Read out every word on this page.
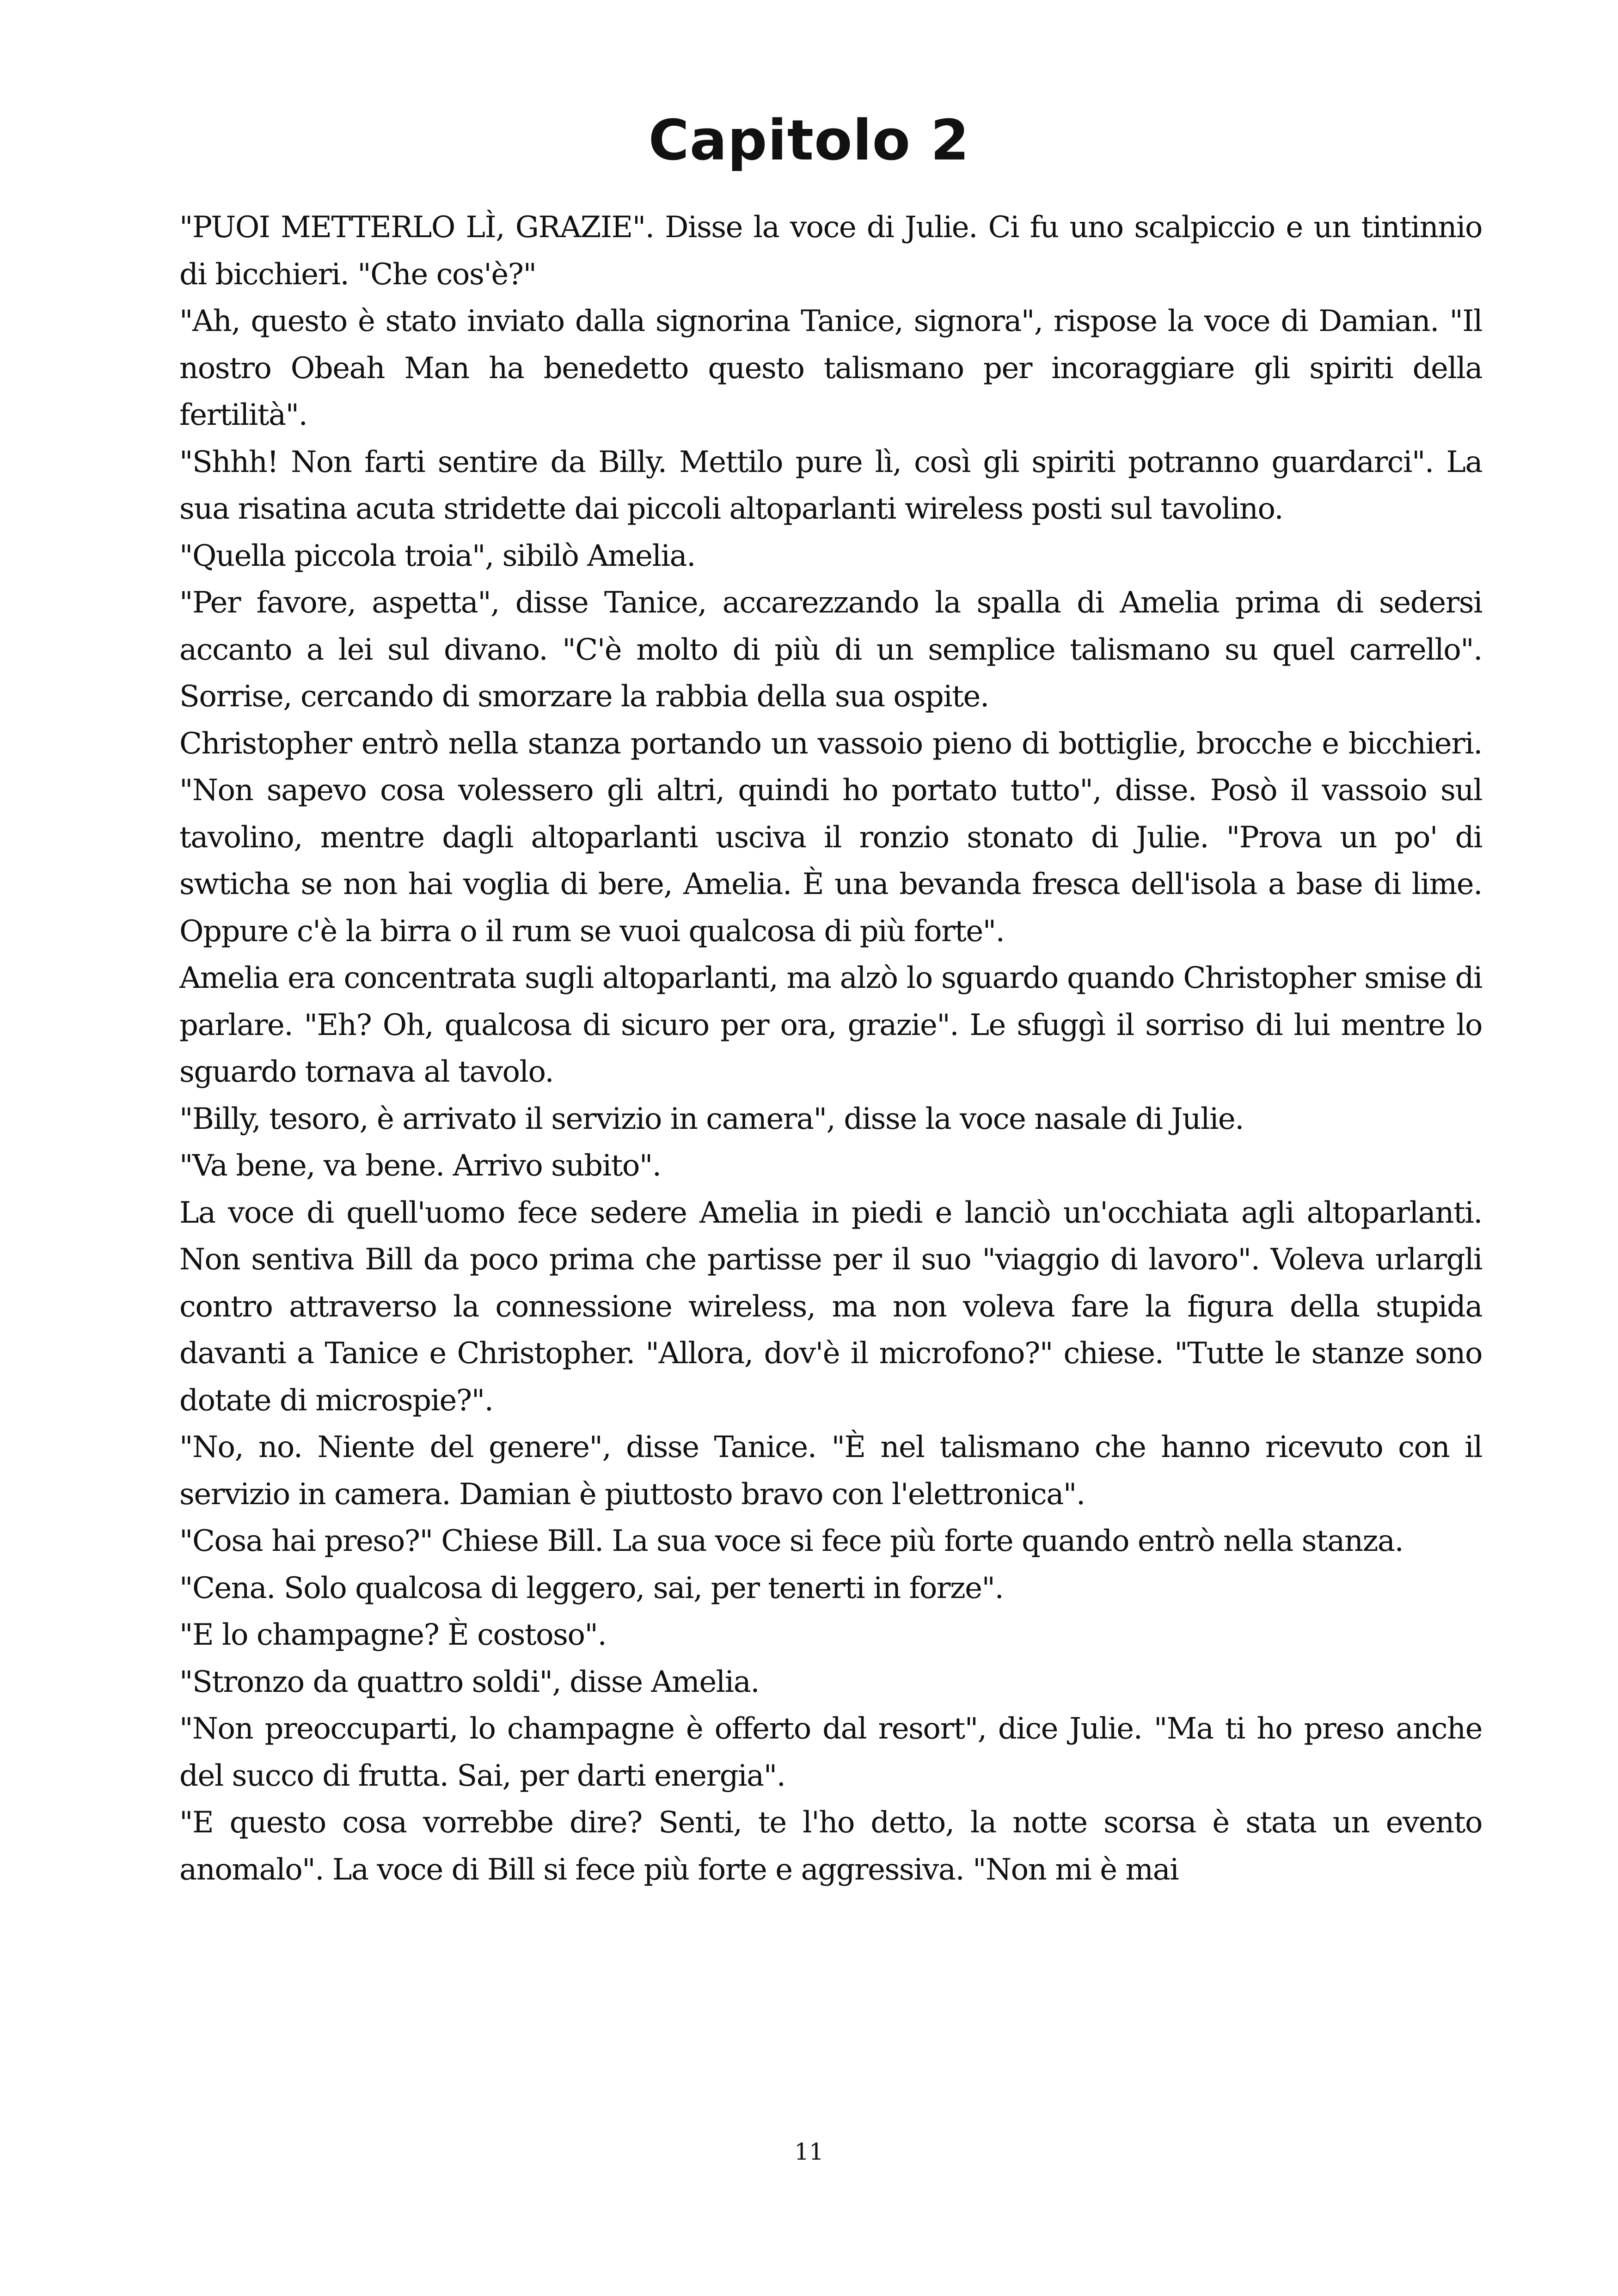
Capitolo 2

"PUOI METTERLO LÌ, GRAZIE". Disse la voce di Julie. Ci fu uno scalpiccio e un tintinnio di bicchieri. "Che cos'è?"

"Ah, questo è stato inviato dalla signorina Tanice, signora", rispose la voce di Damian. "Il nostro Obeah Man ha benedetto questo talismano per incoraggiare gli spiriti della fertilità".

"Shhh! Non farti sentire da Billy. Mettilo pure lì, così gli spiriti potranno guardarci". La sua risatina acuta stridette dai piccoli altoparlanti wireless posti sul tavolino.

"Quella piccola troia", sibilò Amelia.

"Per favore, aspetta", disse Tanice, accarezzando la spalla di Amelia prima di sedersi accanto a lei sul divano. "C'è molto di più di un semplice talismano su quel carrello". Sorrise, cercando di smorzare la rabbia della sua ospite.

Christopher entrò nella stanza portando un vassoio pieno di bottiglie, brocche e bicchieri. "Non sapevo cosa volessero gli altri, quindi ho portato tutto", disse. Posò il vassoio sul tavolino, mentre dagli altoparlanti usciva il ronzio stonato di Julie. "Prova un po' di swticha se non hai voglia di bere, Amelia. È una bevanda fresca dell'isola a base di lime. Oppure c'è la birra o il rum se vuoi qualcosa di più forte".

Amelia era concentrata sugli altoparlanti, ma alzò lo sguardo quando Christopher smise di parlare. "Eh? Oh, qualcosa di sicuro per ora, grazie". Le sfuggì il sorriso di lui mentre lo sguardo tornava al tavolo.

"Billy, tesoro, è arrivato il servizio in camera", disse la voce nasale di Julie.

"Va bene, va bene. Arrivo subito".

La voce di quell'uomo fece sedere Amelia in piedi e lanciò un'occhiata agli altoparlanti. Non sentiva Bill da poco prima che partisse per il suo "viaggio di lavoro". Voleva urlargli contro attraverso la connessione wireless, ma non voleva fare la figura della stupida davanti a Tanice e Christopher. "Allora, dov'è il microfono?" chiese. "Tutte le stanze sono dotate di microspie?".

"No, no. Niente del genere", disse Tanice. "È nel talismano che hanno ricevuto con il servizio in camera. Damian è piuttosto bravo con l'elettronica".

"Cosa hai preso?" Chiese Bill. La sua voce si fece più forte quando entrò nella stanza.

"Cena. Solo qualcosa di leggero, sai, per tenerti in forze".

"E lo champagne? È costoso".

"Stronzo da quattro soldi", disse Amelia.

"Non preoccuparti, lo champagne è offerto dal resort", dice Julie. "Ma ti ho preso anche del succo di frutta. Sai, per darti energia".

"E questo cosa vorrebbe dire? Senti, te l'ho detto, la notte scorsa è stata un evento anomalo". La voce di Bill si fece più forte e aggressiva. "Non mi è mai

11
